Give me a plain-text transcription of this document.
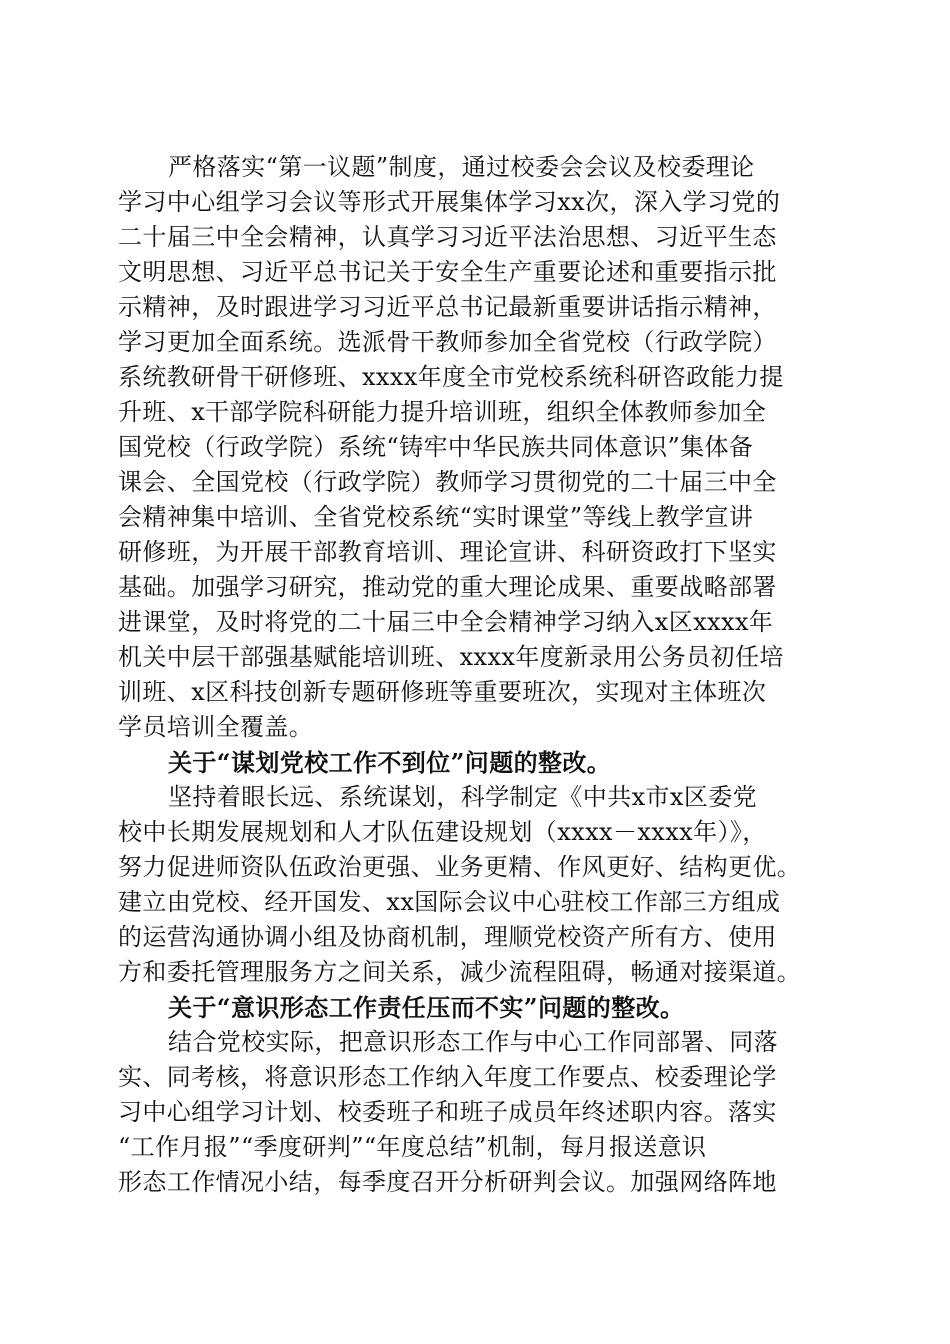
严格落实“第一议题”制度，通过校委会会议及校委理论
学习中心组学习会议等形式开展集体学习xx次，深入学习党的
二十届三中全会精神，认真学习习近平法治思想、习近平生态
文明思想、习近平总书记关于安全生产重要论述和重要指示批
示精神，及时跟进学习习近平总书记最新重要讲话指示精神，
学习更加全面系统。选派骨干教师参加全省党校（行政学院）
系统教研骨干研修班、xxxx年度全市党校系统科研咨政能力提
升班、x干部学院科研能力提升培训班，组织全体教师参加全
国党校（行政学院）系统“铸牢中华民族共同体意识”集体备
课会、全国党校（行政学院）教师学习贯彻党的二十届三中全
会精神集中培训、全省党校系统“实时课堂”等线上教学宣讲
研修班，为开展干部教育培训、理论宣讲、科研资政打下坚实
基础。加强学习研究，推动党的重大理论成果、重要战略部署
进课堂，及时将党的二十届三中全会精神学习纳入x区xxxx年
机关中层干部强基赋能培训班、xxxx年度新录用公务员初任培
训班、x区科技创新专题研修班等重要班次，实现对主体班次
学员培训全覆盖。
关于“谋划党校工作不到位”问题的整改。
坚持着眼长远、系统谋划，科学制定《中共x市x区委党
校中长期发展规划和人才队伍建设规划（xxxx－xxxx年）》，
努力促进师资队伍政治更强、业务更精、作风更好、结构更优。
建立由党校、经开国发、xx国际会议中心驻校工作部三方组成
的运营沟通协调小组及协商机制，理顺党校资产所有方、使用
方和委托管理服务方之间关系，减少流程阻碍，畅通对接渠道。
关于“意识形态工作责任压而不实”问题的整改。
结合党校实际，把意识形态工作与中心工作同部署、同落
实、同考核，将意识形态工作纳入年度工作要点、校委理论学
习中心组学习计划、校委班子和班子成员年终述职内容。落实
“工作月报”“季度研判”“年度总结”机制，每月报送意识
形态工作情况小结，每季度召开分析研判会议。加强网络阵地
